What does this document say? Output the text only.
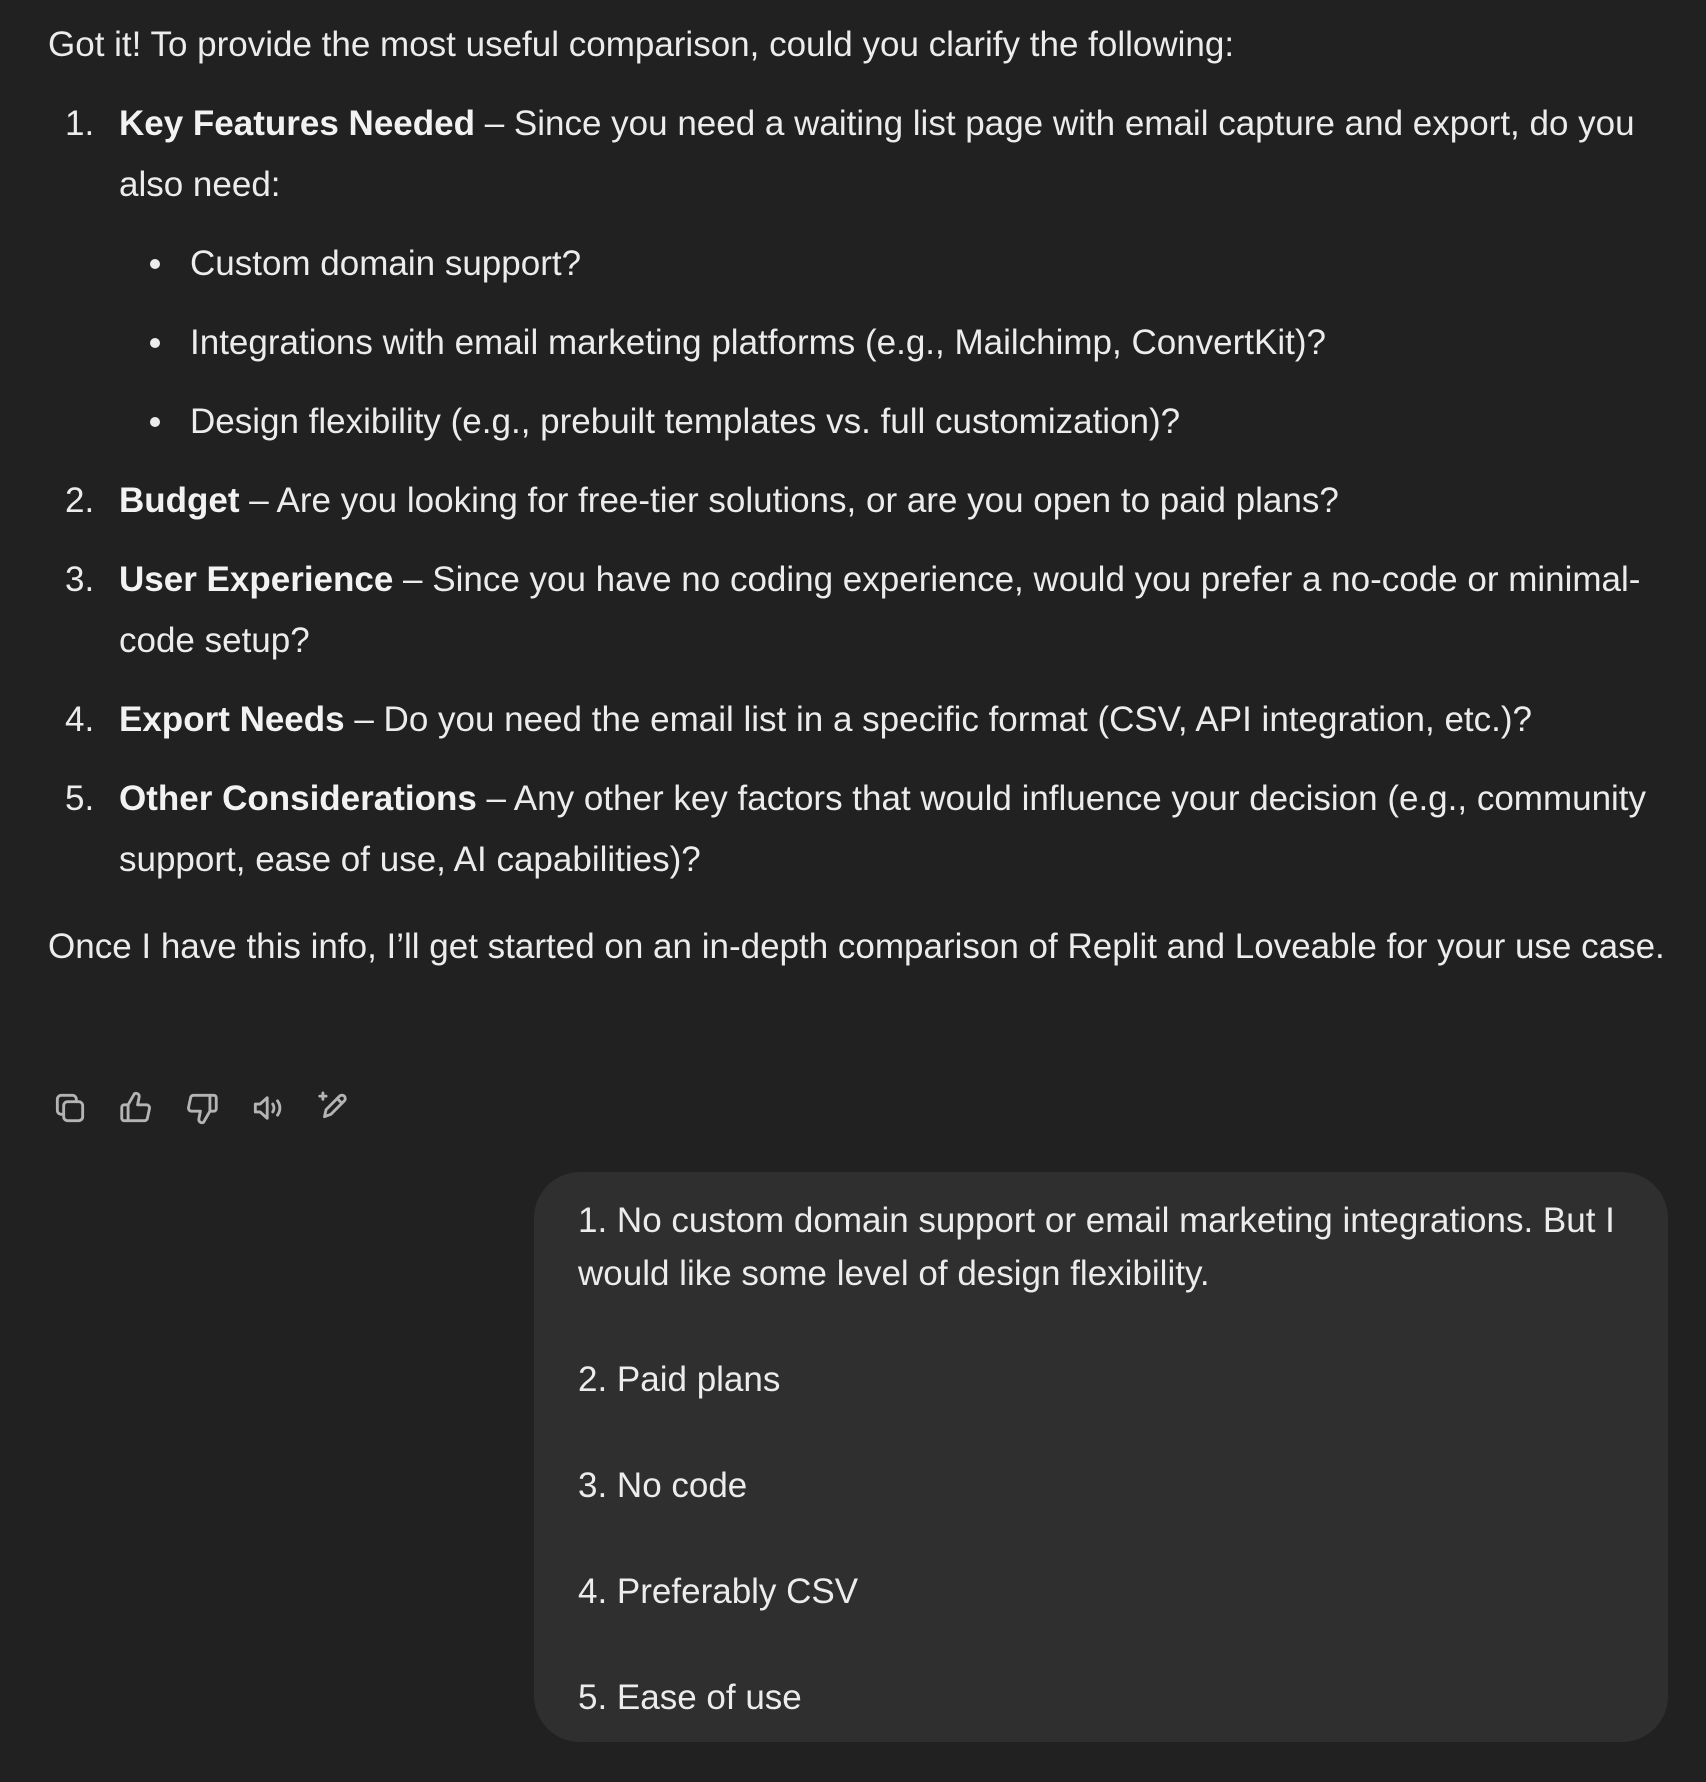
Got it! To provide the most useful comparison, could you clarify the following:

1. Key Features Needed – Since you need a waiting list page with email capture and export, do you also need:
Custom domain support?
Integrations with email marketing platforms (e.g., Mailchimp, ConvertKit)?
Design flexibility (e.g., prebuilt templates vs. full customization)?
2. Budget – Are you looking for free-tier solutions, or are you open to paid plans?
3. User Experience – Since you have no coding experience, would you prefer a no-code or minimal-code setup?
4. Export Needs – Do you need the email list in a specific format (CSV, API integration, etc.)?
5. Other Considerations – Any other key factors that would influence your decision (e.g., community support, ease of use, AI capabilities)?

Once I have this info, I’ll get started on an in-depth comparison of Replit and Loveable for your use case.

1. No custom domain support or email marketing integrations. But I would like some level of design flexibility.

2. Paid plans

3. No code

4. Preferably CSV

5. Ease of use
